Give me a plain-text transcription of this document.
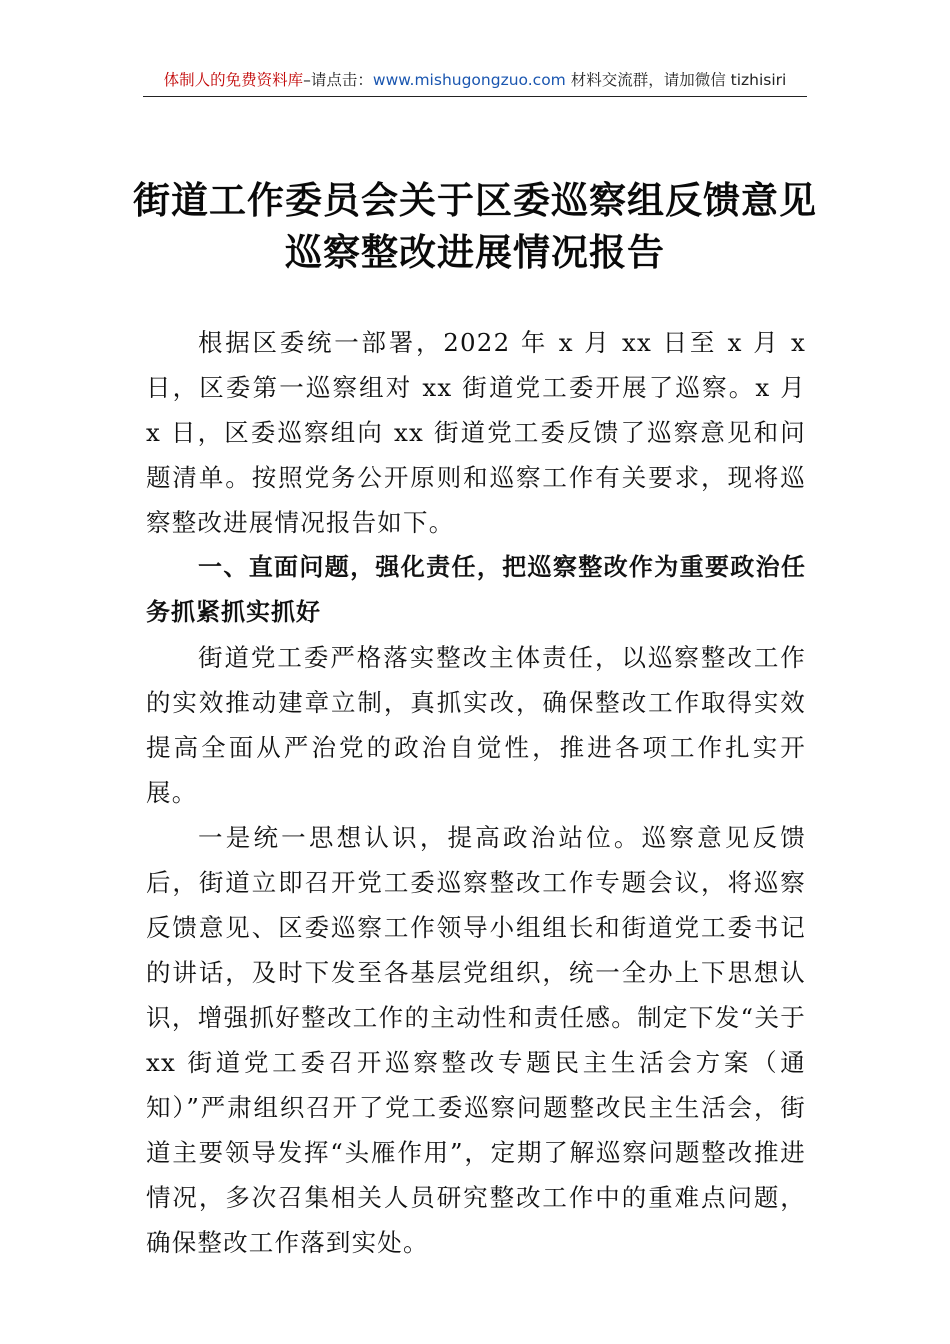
体制人的免费资料库–请点击：www.mishugongzuo.com 材料交流群，请加微信 tizhisiri
街道工作委员会关于区委巡察组反馈意见
巡察整改进展情况报告

根据区委统一部署，2022 年 x 月 xx 日至 x 月 x 日，区委第一巡察组对 xx 街道党工委开展了巡察。x 月 x 日，区委巡察组向 xx 街道党工委反馈了巡察意见和问题清单。按照党务公开原则和巡察工作有关要求，现将巡察整改进展情况报告如下。

一、直面问题，强化责任，把巡察整改作为重要政治任务抓紧抓实抓好

街道党工委严格落实整改主体责任，以巡察整改工作的实效推动建章立制，真抓实改，确保整改工作取得实效提高全面从严治党的政治自觉性，推进各项工作扎实开展。

一是统一思想认识，提高政治站位。巡察意见反馈后，街道立即召开党工委巡察整改工作专题会议，将巡察反馈意见、区委巡察工作领导小组组长和街道党工委书记的讲话，及时下发至各基层党组织，统一全办上下思想认识，增强抓好整改工作的主动性和责任感。制定下发“关于 xx 街道党工委召开巡察整改专题民主生活会方案（通知）”严肃组织召开了党工委巡察问题整改民主生活会，街道主要领导发挥“头雁作用”，定期了解巡察问题整改推进情况，多次召集相关人员研究整改工作中的重难点问题，确保整改工作落到实处。
